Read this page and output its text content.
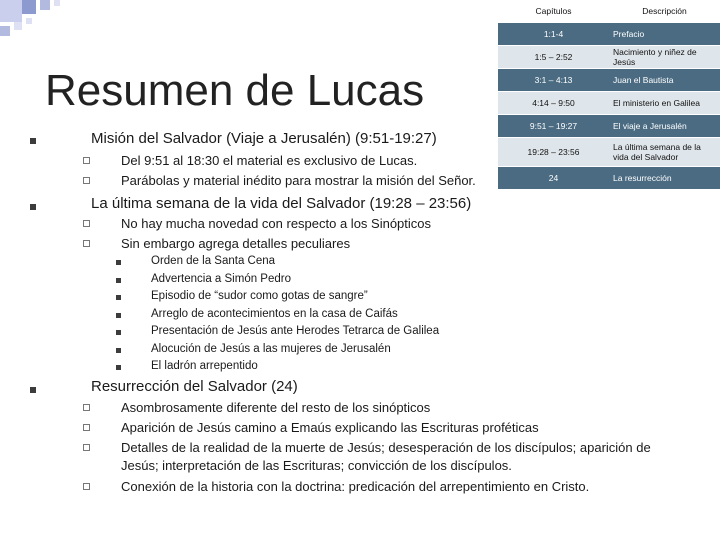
Resumen de Lucas
Capítulos	Descripción
1:1-4	Prefacio
1:5 – 2:52	Nacimiento y niñez de Jesús
3:1 – 4:13	Juan el Bautista
4:14 – 9:50	El ministerio en Galilea
9:51 – 19:27	El viaje a Jerusalén
19:28 – 23:56	La última semana de la vida del Salvador
24	La resurrección
Misión del Salvador (Viaje a Jerusalén) (9:51-19:27)
Del 9:51 al 18:30 el material es exclusivo de Lucas.
Parábolas y material inédito para mostrar la misión del Señor.
La última semana de la vida del Salvador (19:28 – 23:56)
No hay mucha novedad con respecto a los Sinópticos
Sin embargo agrega detalles peculiares
Orden de la Santa Cena
Advertencia a Simón Pedro
Episodio de “sudor como gotas de sangre”
Arreglo de acontecimientos en la casa de Caifás
Presentación de Jesús ante Herodes Tetrarca de Galilea
Alocución de Jesús a las mujeres de Jerusalén
El ladrón arrepentido
Resurrección del Salvador (24)
Asombrosamente diferente del resto de los sinópticos
Aparición de Jesús camino a Emaús explicando las Escrituras proféticas
Detalles de la realidad de la muerte de Jesús; desesperación de los discípulos; aparición de
Jesús; interpretación de las Escrituras; convicción de los discípulos.
Conexión de la historia con la doctrina: predicación del arrepentimiento en Cristo.
